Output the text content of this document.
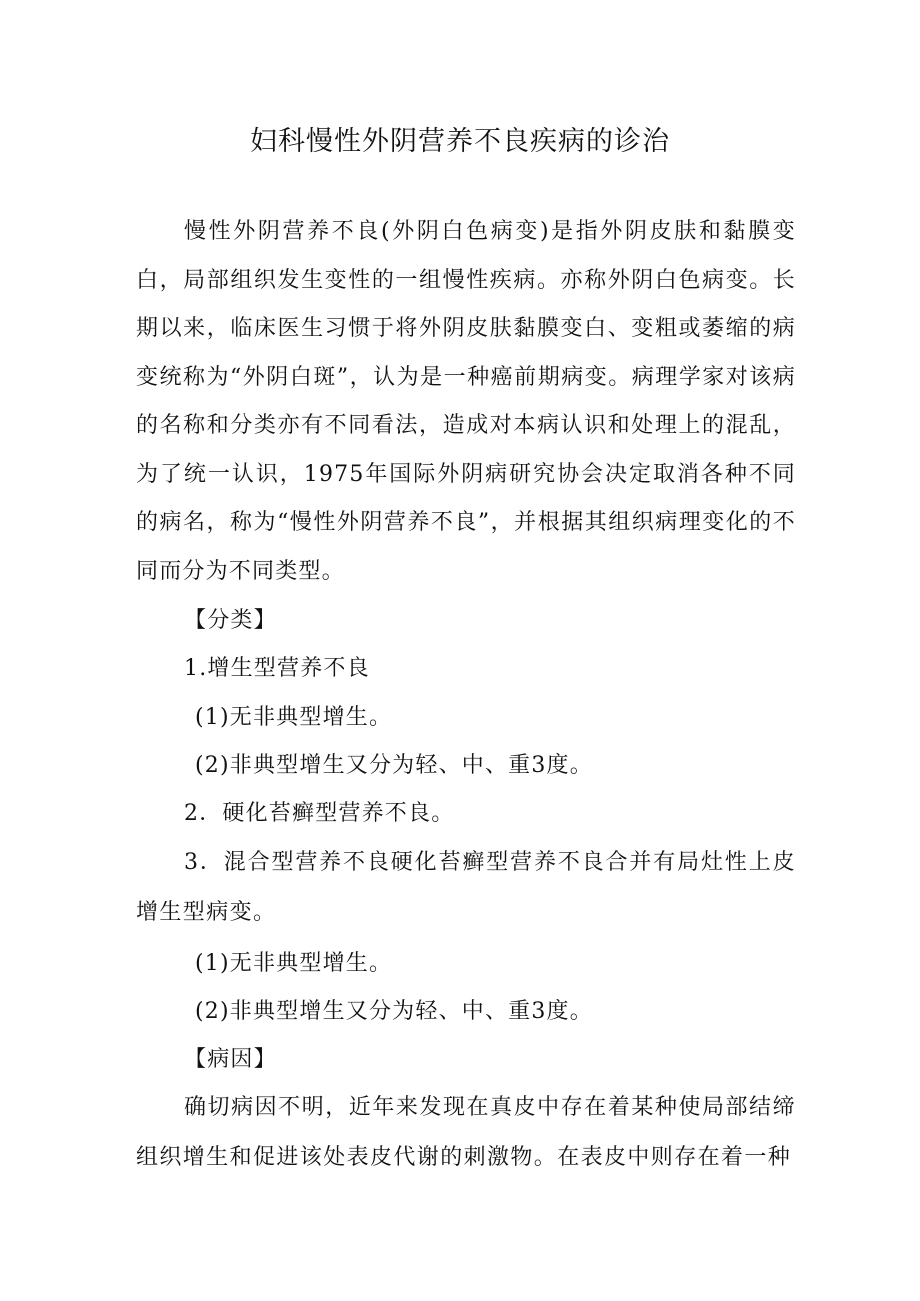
妇科慢性外阴营养不良疾病的诊治

慢性外阴营养不良(外阴白色病变)是指外阴皮肤和黏膜变白，局部组织发生变性的一组慢性疾病。亦称外阴白色病变。长期以来，临床医生习惯于将外阴皮肤黏膜变白、变粗或萎缩的病变统称为“外阴白斑”，认为是一种癌前期病变。病理学家对该病的名称和分类亦有不同看法，造成对本病认识和处理上的混乱，为了统一认识，1975年国际外阴病研究协会决定取消各种不同的病名，称为“慢性外阴营养不良”，并根据其组织病理变化的不同而分为不同类型。

【分类】
1.增生型营养不良
(1)无非典型增生。
(2)非典型增生又分为轻、中、重3度。
2．硬化苔癣型营养不良。

3．混合型营养不良硬化苔癣型营养不良合并有局灶性上皮增生型病变。

(1)无非典型增生。
(2)非典型增生又分为轻、中、重3度。
【病因】

确切病因不明，近年来发现在真皮中存在着某种使局部结缔组织增生和促进该处表皮代谢的刺激物。在表皮中则存在着一种
